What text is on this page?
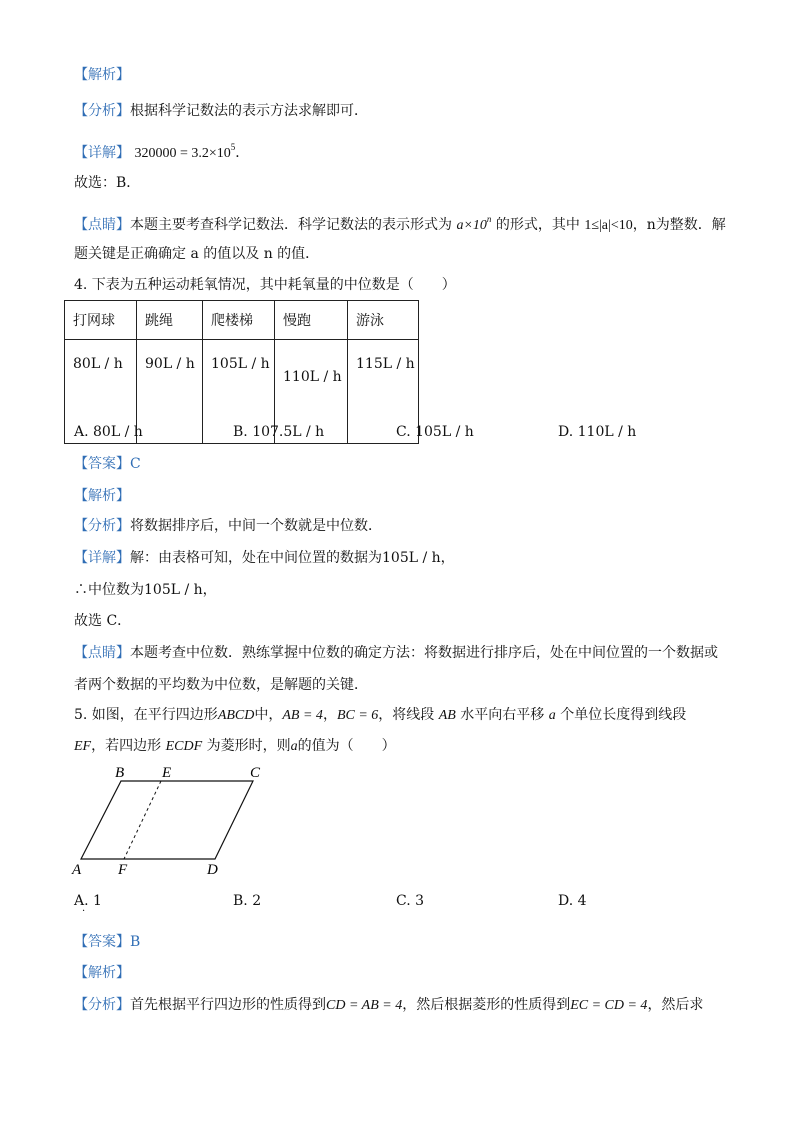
【解析】
【分析】根据科学记数法的表示方法求解即可．
【详解】 $320000 = 3.2\times 10^5$．
故选：B．
【点睛】本题主要考查科学记数法．科学记数法的表示形式为 $a\times 10^n$ 的形式，其中 1≤|a|<10，n为整数．解
题关键是正确确定 a 的值以及 n 的值．
4. 下表为五种运动耗氧情况，其中耗氧量的中位数是（　　）
打网球	跳绳	爬楼梯	慢跑	游泳
80L / h	90L / h	105L / h	110L / h	115L / h
A. 80L / h	B. 107.5L / h	C. 105L / h	D. 110L / h
【答案】C
【解析】
【分析】将数据排序后，中间一个数就是中位数．
【详解】解：由表格可知，处在中间位置的数据为105L / h，
∴中位数为105L / h，
故选 C．
【点睛】本题考查中位数．熟练掌握中位数的确定方法：将数据进行排序后，处在中间位置的一个数据或
者两个数据的平均数为中位数，是解题的关键．
5. 如图，在平行四边形ABCD中，AB = 4，BC = 6，将线段 AB 水平向右平移 a 个单位长度得到线段
EF，若四边形 ECDF 为菱形时，则a的值为（　　）
B	E	C
A F	D
A. 1
·
B. 2	C. 3	D. 4
【答案】B
【解析】
【分析】首先根据平行四边形的性质得到CD = AB = 4，然后根据菱形的性质得到EC = CD = 4，然后求
